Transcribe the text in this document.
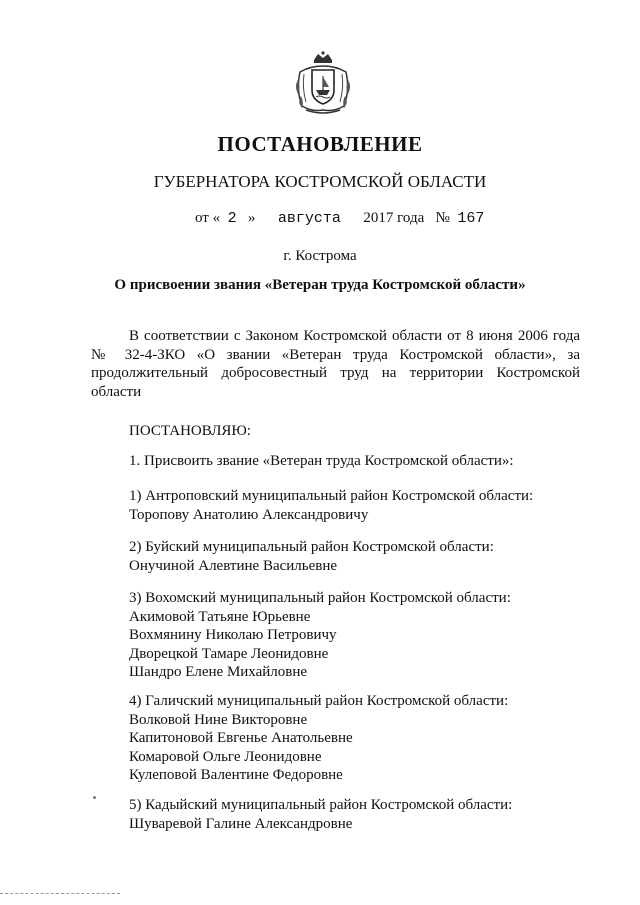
ПОСТАНОВЛЕНИЕ
ГУБЕРНАТОРА КОСТРОМСКОЙ ОБЛАСТИ
от « 2 » августа 2017 года № 167
г. Кострома
О присвоении звания «Ветеран труда Костромской области»
В соответствии с Законом Костромской области от 8 июня 2006 года № 32-4-ЗКО «О звании «Ветеран труда Костромской области», за продолжительный добросовестный труд на территории Костромской области
ПОСТАНОВЛЯЮ:
1. Присвоить звание «Ветеран труда Костромской области»:
1) Антроповский муниципальный район Костромской области:
Торопову Анатолию Александровичу
2) Буйский муниципальный район Костромской области:
Онучиной Алевтине Васильевне
3) Вохомский муниципальный район Костромской области:
Акимовой Татьяне Юрьевне
Вохмянину Николаю Петровичу
Дворецкой Тамаре Леонидовне
Шандро Елене Михайловне
4) Галичский муниципальный район Костромской области:
Волковой Нине Викторовне
Капитоновой Евгенье Анатольевне
Комаровой Ольге Леонидовне
Кулеповой Валентине Федоровне
5) Кадыйский муниципальный район Костромской области:
Шуваревой Галине Александровне
